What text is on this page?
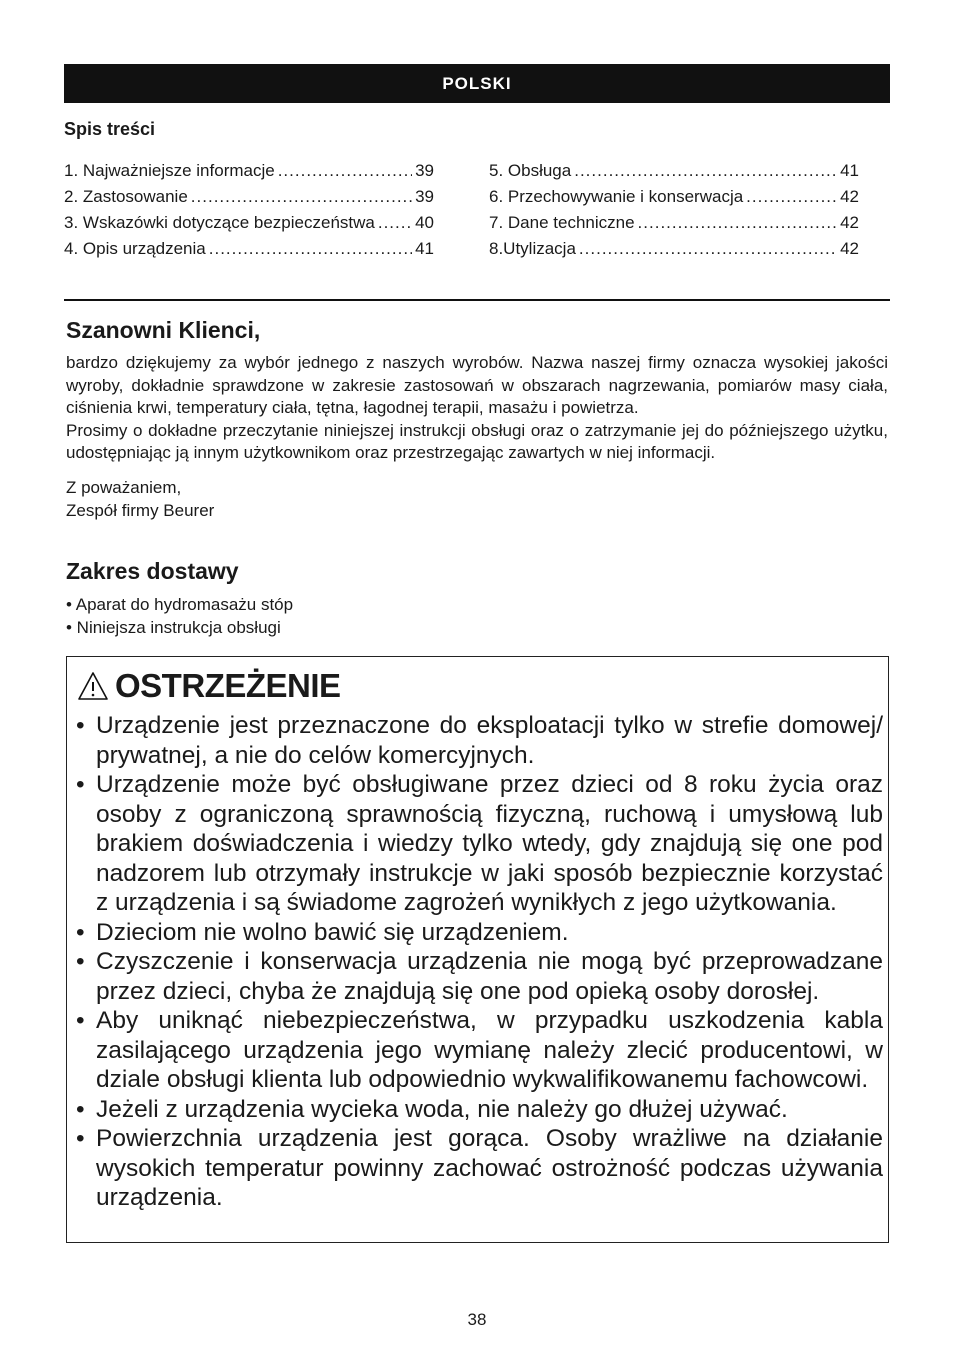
POLSKI
Spis treści
1. Najważniejsze informacje .....	39
2. Zastosowanie .....	39
3. Wskazówki dotyczące bezpieczeństwa ..... 40
4. Opis urządzenia .....	41
5. Obsługa .....	41
6. Przechowywanie i konserwacja .....	42
7. Dane techniczne .....	42
8.Utylizacja .....	42
Szanowni Klienci,

bardzo dziękujemy za wybór jednego z naszych wyrobów. Nazwa naszej firmy oznacza wysokiej jakości wyroby, dokładnie sprawdzone w zakresie zastosowań w obszarach nagrzewania, pomiarów masy ciała, ciśnienia krwi, temperatury ciała, tętna, łagodnej terapii, masażu i powietrza.

Prosimy o dokładne przeczytanie niniejszej instrukcji obsługi oraz o zatrzymanie jej do późniejszego użytku, udostępniając ją innym użytkownikom oraz przestrzegając zawartych w niej informacji.

Z poważaniem,
Zespół firmy Beurer
Zakres dostawy
• Aparat do hydromasażu stóp
• Niniejsza instrukcja obsługi
OSTRZEŻENIE
• Urządzenie jest przeznaczone do eksploatacji tylko w strefie domowej/ prywatnej, a nie do celów komercyjnych.
• Urządzenie może być obsługiwane przez dzieci od 8 roku życia oraz osoby z ograniczoną sprawnością fizyczną, ruchową i umysłową lub brakiem doświadczenia i wiedzy tylko wtedy, gdy znajdują się one pod nadzorem lub otrzymały instrukcje w jaki sposób bezpiecznie korzystać z urządzenia i są świadome zagrożeń wynikłych z jego użytkowania.
• Dzieciom nie wolno bawić się urządzeniem.
• Czyszczenie i konserwacja urządzenia nie mogą być przeprowadzane przez dzieci, chyba że znajdują się one pod opieką osoby dorosłej.
• Aby uniknąć niebezpieczeństwa, w przypadku uszkodzenia kabla zasilającego urządzenia jego wymianę należy zlecić producentowi, w dziale obsługi klienta lub odpowiednio wykwalifikowanemu fachowcowi.
• Jeżeli z urządzenia wycieka woda, nie należy go dłużej używać.
• Powierzchnia urządzenia jest gorąca. Osoby wrażliwe na działanie wysokich temperatur powinny zachować ostrożność podczas używania urządzenia.
38
